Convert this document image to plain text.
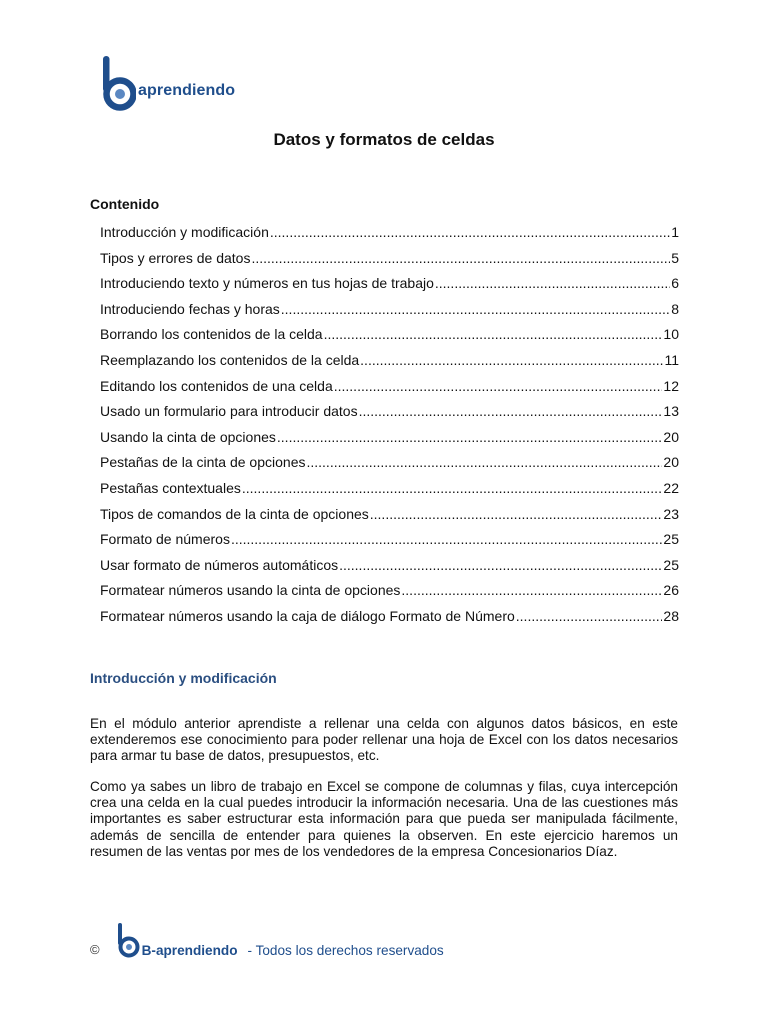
aprendiendo
Datos y formatos de celdas
Contenido
Introducción y modificación .....	1
Tipos y errores de datos .....	5
Introduciendo texto y números en tus hojas de trabajo .....	6
Introduciendo fechas y horas .....	8
Borrando los contenidos de la celda .....	10
Reemplazando los contenidos de la celda .....	11
Editando los contenidos de una celda .....	12
Usado un formulario para introducir datos .....	13
Usando la cinta de opciones .....	20
Pestañas de la cinta de opciones .....	20
Pestañas contextuales .....	22
Tipos de comandos de la cinta de opciones .....	23
Formato de números .....	25
Usar formato de números automáticos .....	25
Formatear números usando la cinta de opciones .....	26
Formatear números usando la caja de diálogo Formato de Número .....	28
Introducción y modificación

En el módulo anterior aprendiste a rellenar una celda con algunos datos básicos, en este extenderemos ese conocimiento para poder rellenar una hoja de Excel con los datos necesarios para armar tu base de datos, presupuestos, etc.

Como ya sabes un libro de trabajo en Excel se compone de columnas y filas, cuya intercepción crea una celda en la cual puedes introducir la información necesaria. Una de las cuestiones más importantes es saber estructurar esta información para que pueda ser manipulada fácilmente, además de sencilla de entender para quienes la observen. En este ejercicio haremos un resumen de las ventas por mes de los vendedores de la empresa Concesionarios Díaz.

©	B-aprendiendo - Todos los derechos reservados
